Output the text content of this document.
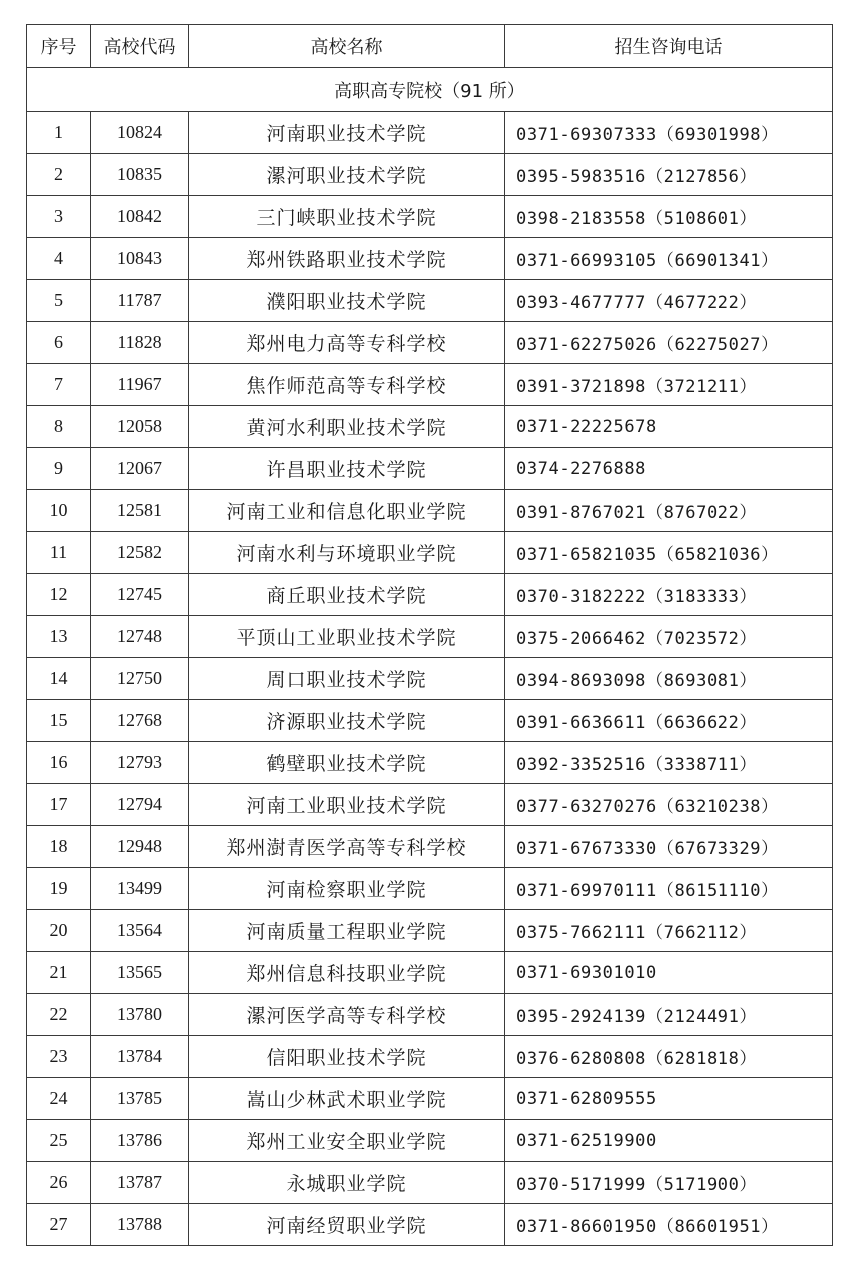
序号	高校代码	高校名称	招生咨询电话
高职高专院校（91 所）			
1	10824	河南职业技术学院	0371-69307333（69301998）
2	10835	漯河职业技术学院	0395-5983516（2127856）
3	10842	三门峡职业技术学院	0398-2183558（5108601）
4	10843	郑州铁路职业技术学院	0371-66993105（66901341）
5	11787	濮阳职业技术学院	0393-4677777（4677222）
6	11828	郑州电力高等专科学校	0371-62275026（62275027）
7	11967	焦作师范高等专科学校	0391-3721898（3721211）
8	12058	黄河水利职业技术学院	0371-22225678
9	12067	许昌职业技术学院	0374-2276888
10	12581	河南工业和信息化职业学院	0391-8767021（8767022）
11	12582	河南水利与环境职业学院	0371-65821035（65821036）
12	12745	商丘职业技术学院	0370-3182222（3183333）
13	12748	平顶山工业职业技术学院	0375-2066462（7023572）
14	12750	周口职业技术学院	0394-8693098（8693081）
15	12768	济源职业技术学院	0391-6636611（6636622）
16	12793	鹤壁职业技术学院	0392-3352516（3338711）
17	12794	河南工业职业技术学院	0377-63270276（63210238）
18	12948	郑州澍青医学高等专科学校	0371-67673330（67673329）
19	13499	河南检察职业学院	0371-69970111（86151110）
20	13564	河南质量工程职业学院	0375-7662111（7662112）
21	13565	郑州信息科技职业学院	0371-69301010
22	13780	漯河医学高等专科学校	0395-2924139（2124491）
23	13784	信阳职业技术学院	0376-6280808（6281818）
24	13785	嵩山少林武术职业学院	0371-62809555
25	13786	郑州工业安全职业学院	0371-62519900
26	13787	永城职业学院	0370-5171999（5171900）
27	13788	河南经贸职业学院	0371-86601950（86601951）
